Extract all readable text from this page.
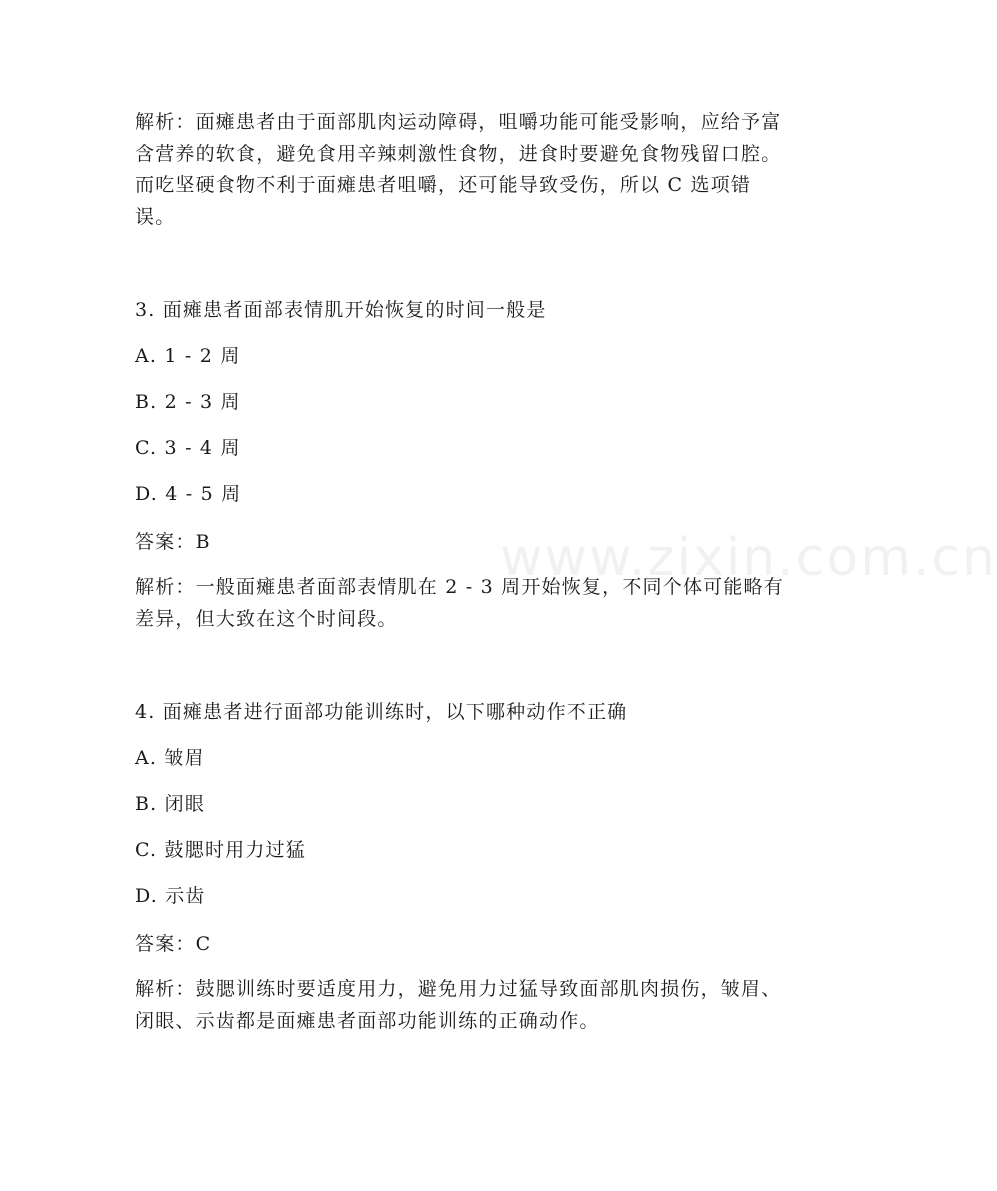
www.zixin.com.cn

解析：面瘫患者由于面部肌肉运动障碍，咀嚼功能可能受影响，应给予富含营养的软食，避免食用辛辣刺激性食物，进食时要避免食物残留口腔。而吃坚硬食物不利于面瘫患者咀嚼，还可能导致受伤，所以 C 选项错误。

3. 面瘫患者面部表情肌开始恢复的时间一般是

A. 1 - 2 周

B. 2 - 3 周

C. 3 - 4 周

D. 4 - 5 周

答案：B

解析：一般面瘫患者面部表情肌在 2 - 3 周开始恢复，不同个体可能略有差异，但大致在这个时间段。

4. 面瘫患者进行面部功能训练时，以下哪种动作不正确

A. 皱眉

B. 闭眼

C. 鼓腮时用力过猛

D. 示齿

答案：C

解析：鼓腮训练时要适度用力，避免用力过猛导致面部肌肉损伤，皱眉、闭眼、示齿都是面瘫患者面部功能训练的正确动作。
